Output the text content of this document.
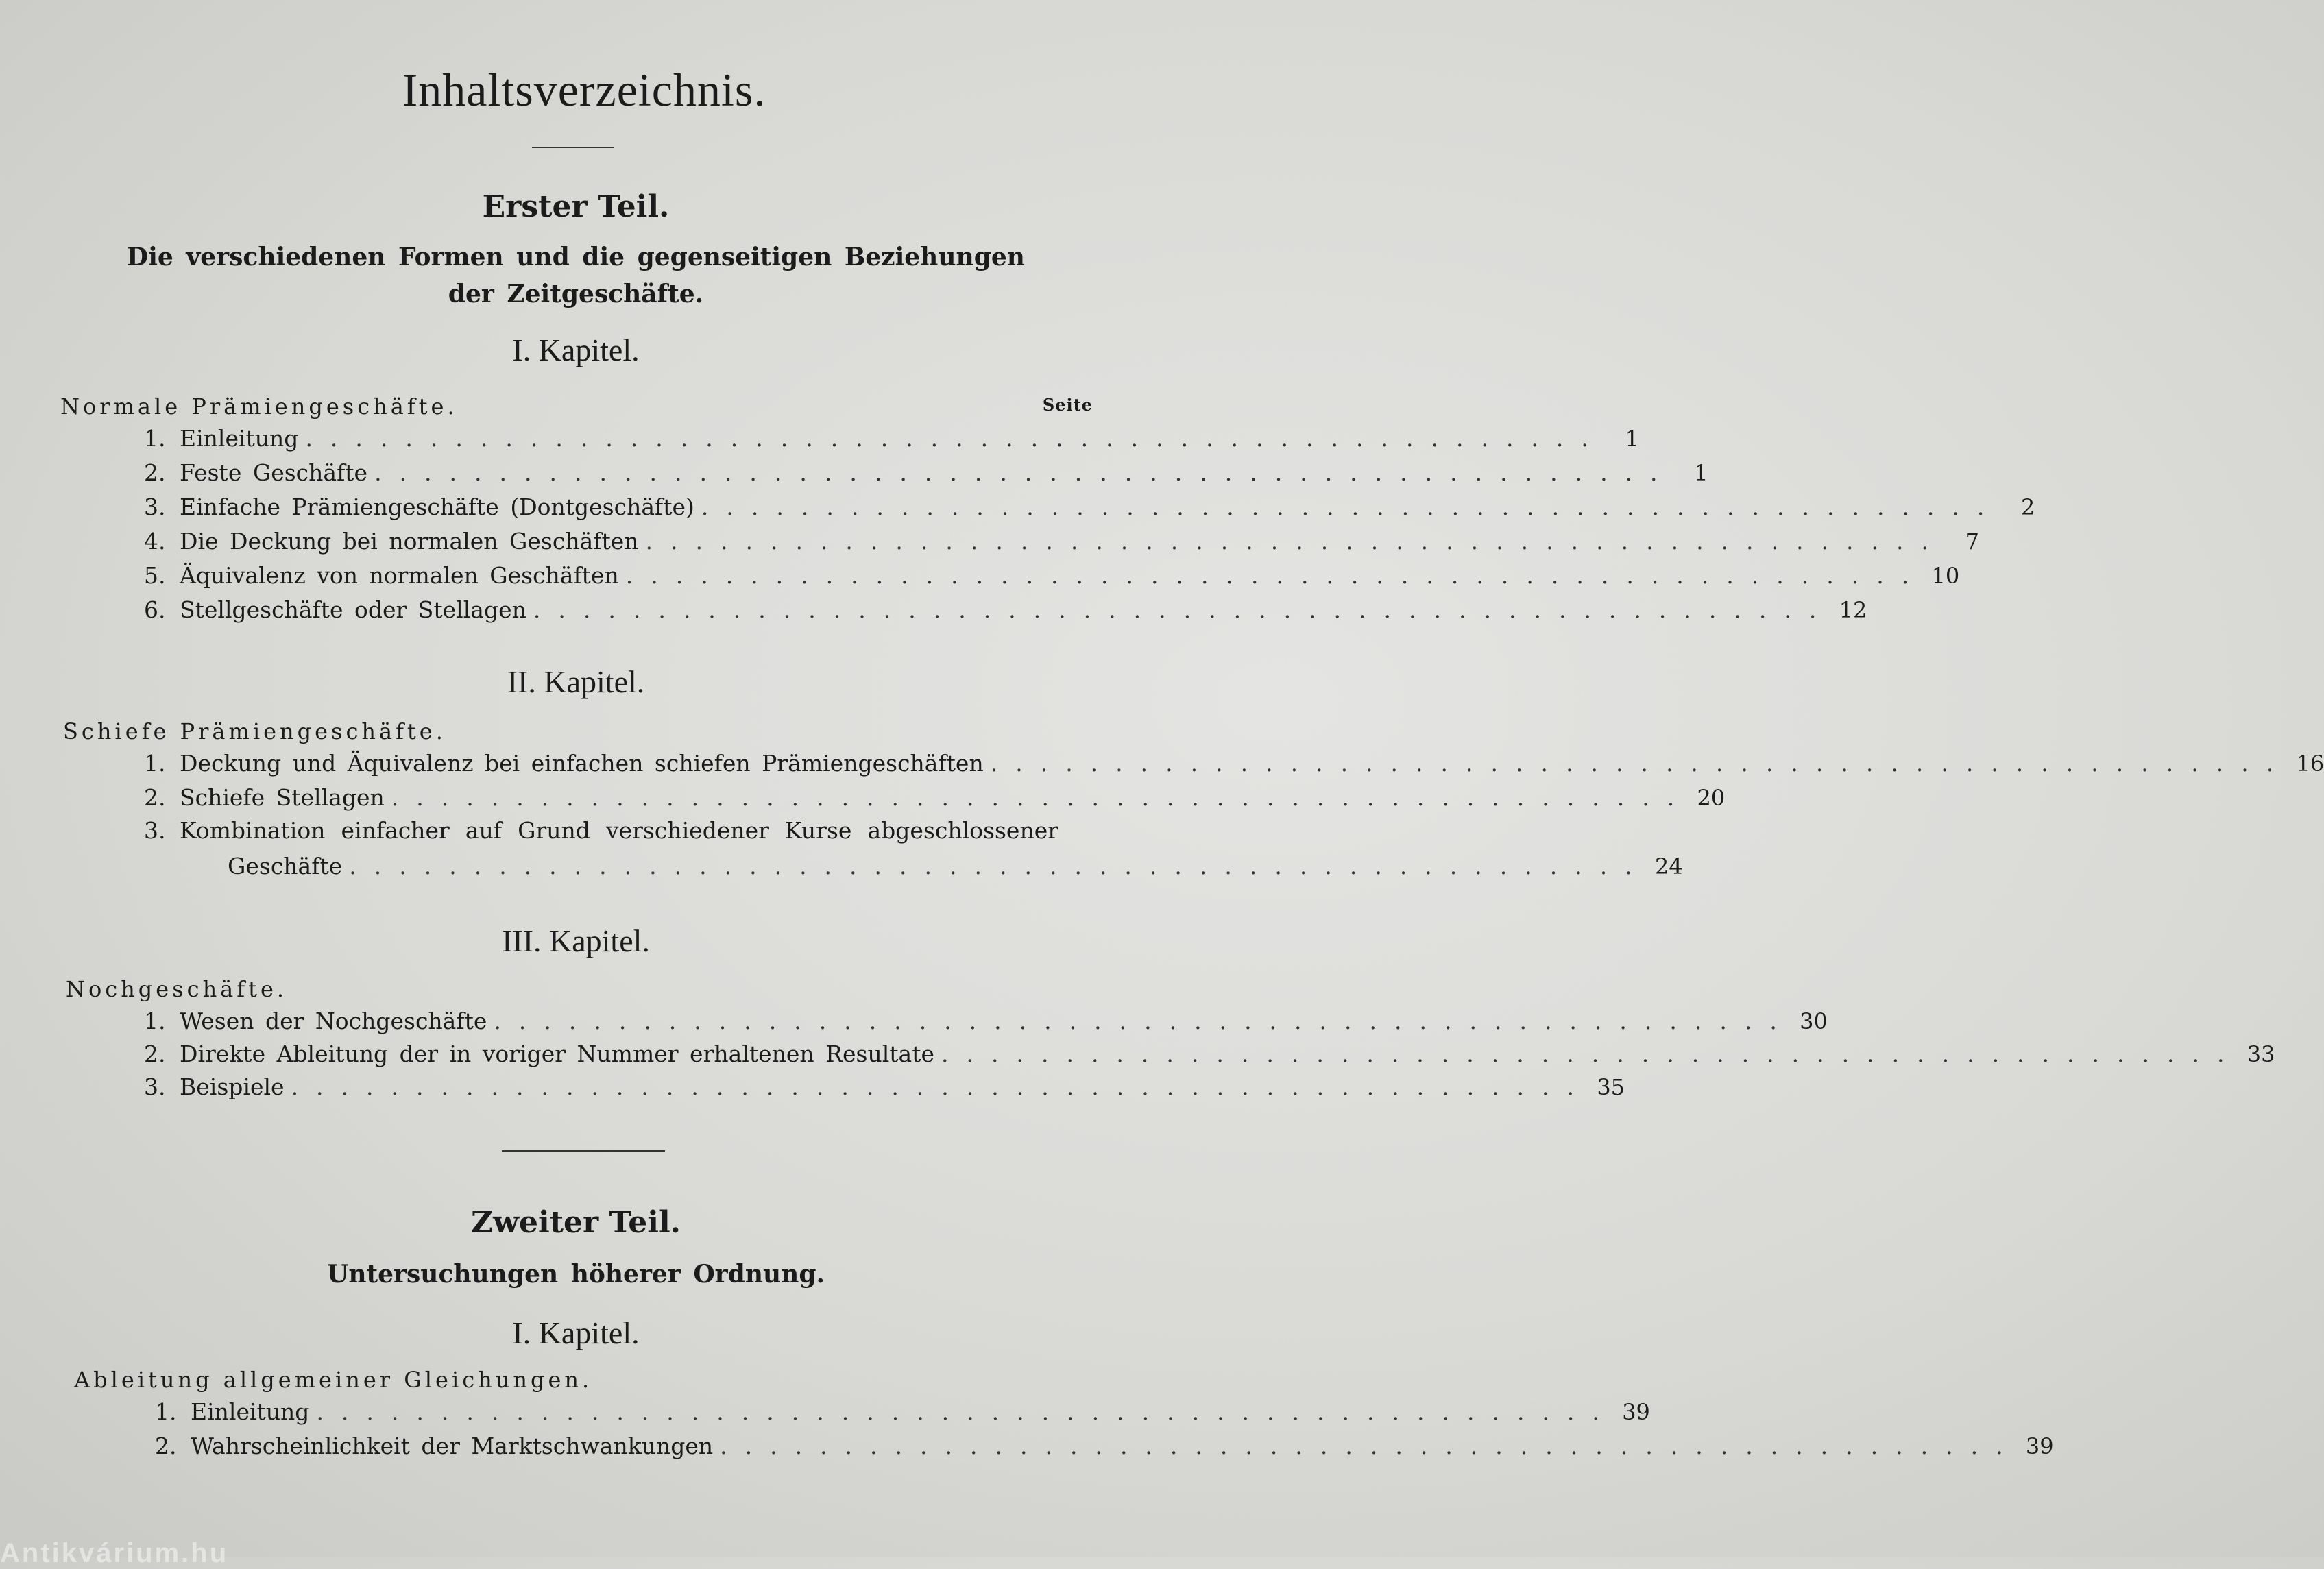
Inhaltsverzeichnis.
Erster Teil.
Die verschiedenen Formen und die gegenseitigen Beziehungen der Zeitgeschäfte.
I. Kapitel.
Normale Prämiengeschäfte.	Seite
1. Einleitung .................................................... 1
2. Feste Geschäfte .................................................... 1
3. Einfache Prämiengeschäfte (Dontgeschäfte) .................................................... 2
4. Die Deckung bei normalen Geschäften .................................................... 7
5. Äquivalenz von normalen Geschäften .................................................... 10
6. Stellgeschäfte oder Stellagen .................................................... 12
II. Kapitel.
Schiefe Prämiengeschäfte.
1. Deckung und Äquivalenz bei einfachen schiefen Prämiengeschäften .................................................... 16
2. Schiefe Stellagen .................................................... 20
3. Kombination einfacher auf Grund verschiedener Kurse abgeschlossener
Geschäfte .................................................... 24
III. Kapitel.
Nochgeschäfte.
1. Wesen der Nochgeschäfte .................................................... 30
2. Direkte Ableitung der in voriger Nummer erhaltenen Resultate .................................................... 33
3. Beispiele .................................................... 35
Zweiter Teil.
Untersuchungen höherer Ordnung.
I. Kapitel.
Ableitung allgemeiner Gleichungen.
1. Einleitung .................................................... 39
2. Wahrscheinlichkeit der Marktschwankungen .................................................... 39
Antikvárium.hu
